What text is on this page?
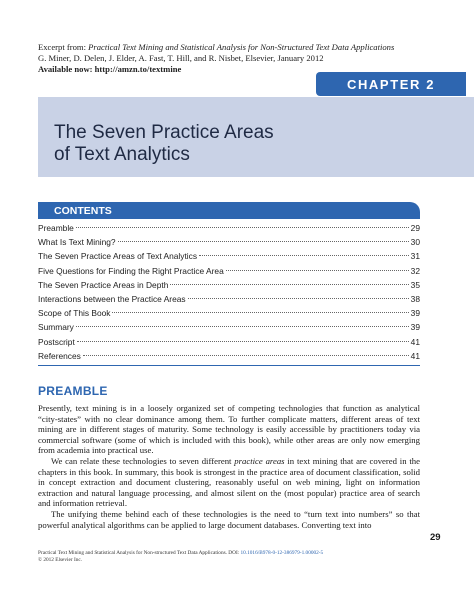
Excerpt from: Practical Text Mining and Statistical Analysis for Non-Structured Text Data Applications
G. Miner, D. Delen, J. Elder, A. Fast, T. Hill, and R. Nisbet, Elsevier, January 2012
Available now: http://amzn.to/textmine
CHAPTER 2
The Seven Practice Areas
of Text Analytics
CONTENTS
Preamble	29
What Is Text Mining?	30
The Seven Practice Areas of Text Analytics	31
Five Questions for Finding the Right Practice Area	32
The Seven Practice Areas in Depth	35
Interactions between the Practice Areas	38
Scope of This Book	39
Summary	39
Postscript	41
References	41
PREAMBLE

Presently, text mining is in a loosely organized set of competing technologies that function as analytical “city-states” with no clear dominance among them. To further complicate matters, different areas of text mining are in different stages of maturity. Some technology is easily accessible by practitioners today via commercial software (some of which is included with this book), while other areas are only now emerging from academia into practical use.

We can relate these technologies to seven different practice areas in text mining that are covered in the chapters in this book. In summary, this book is strongest in the practice area of document classification, solid in concept extraction and document clustering, reasonably useful on web mining, light on information extraction and natural language processing, and almost silent on the (most popular) practice area of search and information retrieval.

The unifying theme behind each of these technologies is the need to “turn text into numbers” so that powerful analytical algorithms can be applied to large document databases. Converting text into

29
Practical Text Mining and Statistical Analysis for Non-structured Text Data Applications. DOI: 10.1016/B978-0-12-386979-1.00002-5
© 2012 Elsevier Inc.
